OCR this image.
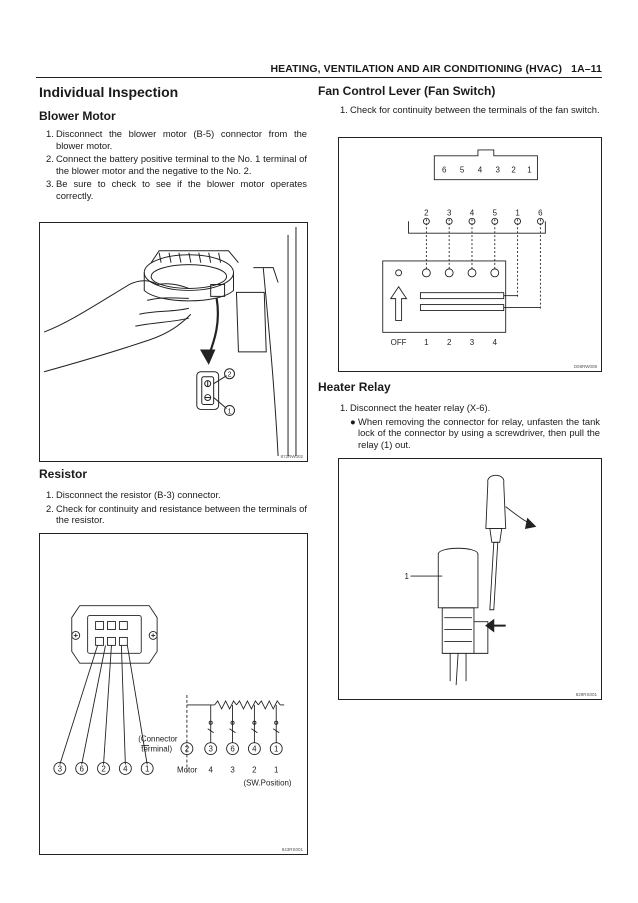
HEATING, VENTILATION AND AIR CONDITIONING (HVAC) 1A–11
Individual Inspection
Blower Motor
1. Disconnect the blower motor (B-5) connector from the blower motor.
2. Connect the battery positive terminal to the No. 1 terminal of the blower motor and the negative to the No. 2.
3. Be sure to check to see if the blower motor operates correctly.
2
1
872RW002
Resistor
1. Disconnect the resistor (B-3) connector.
2. Check for continuity and resistance between the terminals of the resistor.
(Connector
terminal) 2 3 6 4 1
3 6 2 4 1	Motor 4 3 2 1
(SW.Position)
843RS001
Fan Control Lever (Fan Switch)
1. Check for continuity between the terminals of the fan switch.
6 5 4 3 2 1
2 3 4 5 1 6
OFF 1 2 3 4
D08RW008
Heater Relay
1. Disconnect the heater relay (X-6).
● When removing the connector for relay, unfasten the tank lock of the connector by using a screwdriver, then pull the relay (1) out.
1
829RS001
